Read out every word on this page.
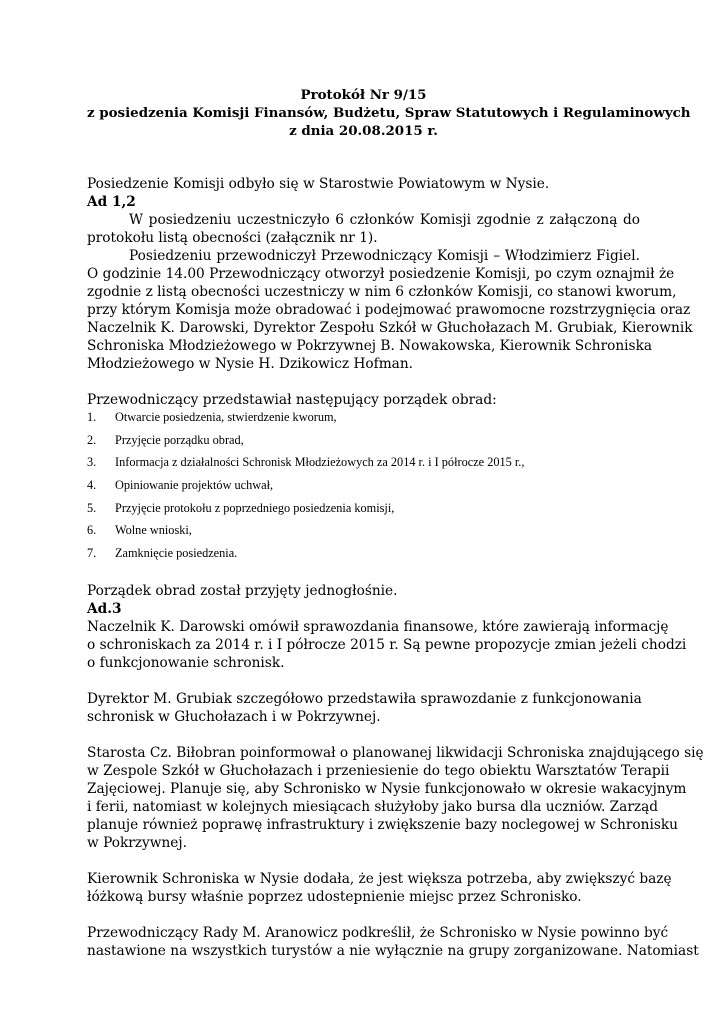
Protokół Nr 9/15
z posiedzenia Komisji Finansów, Budżetu, Spraw Statutowych i Regulaminowych
z dnia 20.08.2015 r.

Posiedzenie Komisji odbyło się w Starostwie Powiatowym w Nysie.

Ad 1,2

W posiedzeniu uczestniczyło 6 członków Komisji zgodnie z załączoną do
protokołu listą obecności (załącznik nr 1).

Posiedzeniu przewodniczył Przewodniczący Komisji – Włodzimierz Figiel.
O godzinie 14.00 Przewodniczący otworzył posiedzenie Komisji, po czym oznajmił że
zgodnie z listą obecności uczestniczy w nim 6 członków Komisji, co stanowi kworum,
przy którym Komisja może obradować i podejmować prawomocne rozstrzygnięcia oraz
Naczelnik K. Darowski, Dyrektor Zespołu Szkół w Głuchołazach M. Grubiak, Kierownik
Schroniska Młodzieżowego w Pokrzywnej B. Nowakowska, Kierownik Schroniska
Młodzieżowego w Nysie H. Dzikowicz Hofman.

Przewodniczący przedstawiał następujący porządek obrad:

1.	Otwarcie posiedzenia, stwierdzenie kworum,
2.	Przyjęcie porządku obrad,
3.	Informacja z działalności Schronisk Młodzieżowych za 2014 r. i I półrocze 2015 r.,
4.	Opiniowanie projektów uchwał,
5.	Przyjęcie protokołu z poprzedniego posiedzenia komisji,
6.	Wolne wnioski,
7.	Zamknięcie posiedzenia.

Porządek obrad został przyjęty jednogłośnie.

Ad.3

Naczelnik K. Darowski omówił sprawozdania finansowe, które zawierają informację
o schroniskach za 2014 r. i I półrocze 2015 r. Są pewne propozycje zmian jeżeli chodzi
o funkcjonowanie schronisk.

Dyrektor M. Grubiak szczegółowo przedstawiła sprawozdanie z funkcjonowania
schronisk w Głuchołazach i w Pokrzywnej.

Starosta Cz. Biłobran poinformował o planowanej likwidacji Schroniska znajdującego się
w Zespole Szkół w Głuchołazach i przeniesienie do tego obiektu Warsztatów Terapii
Zajęciowej. Planuje się, aby Schronisko w Nysie funkcjonowało w okresie wakacyjnym
i ferii, natomiast w kolejnych miesiącach służyłoby jako bursa dla uczniów. Zarząd
planuje również poprawę infrastruktury i zwiększenie bazy noclegowej w Schronisku
w Pokrzywnej.

Kierownik Schroniska w Nysie dodała, że jest większa potrzeba, aby zwiększyć bazę
łóżkową bursy właśnie poprzez udostepnienie miejsc przez Schronisko.

Przewodniczący Rady M. Aranowicz podkreślił, że Schronisko w Nysie powinno być
nastawione na wszystkich turystów a nie wyłącznie na grupy zorganizowane. Natomiast
